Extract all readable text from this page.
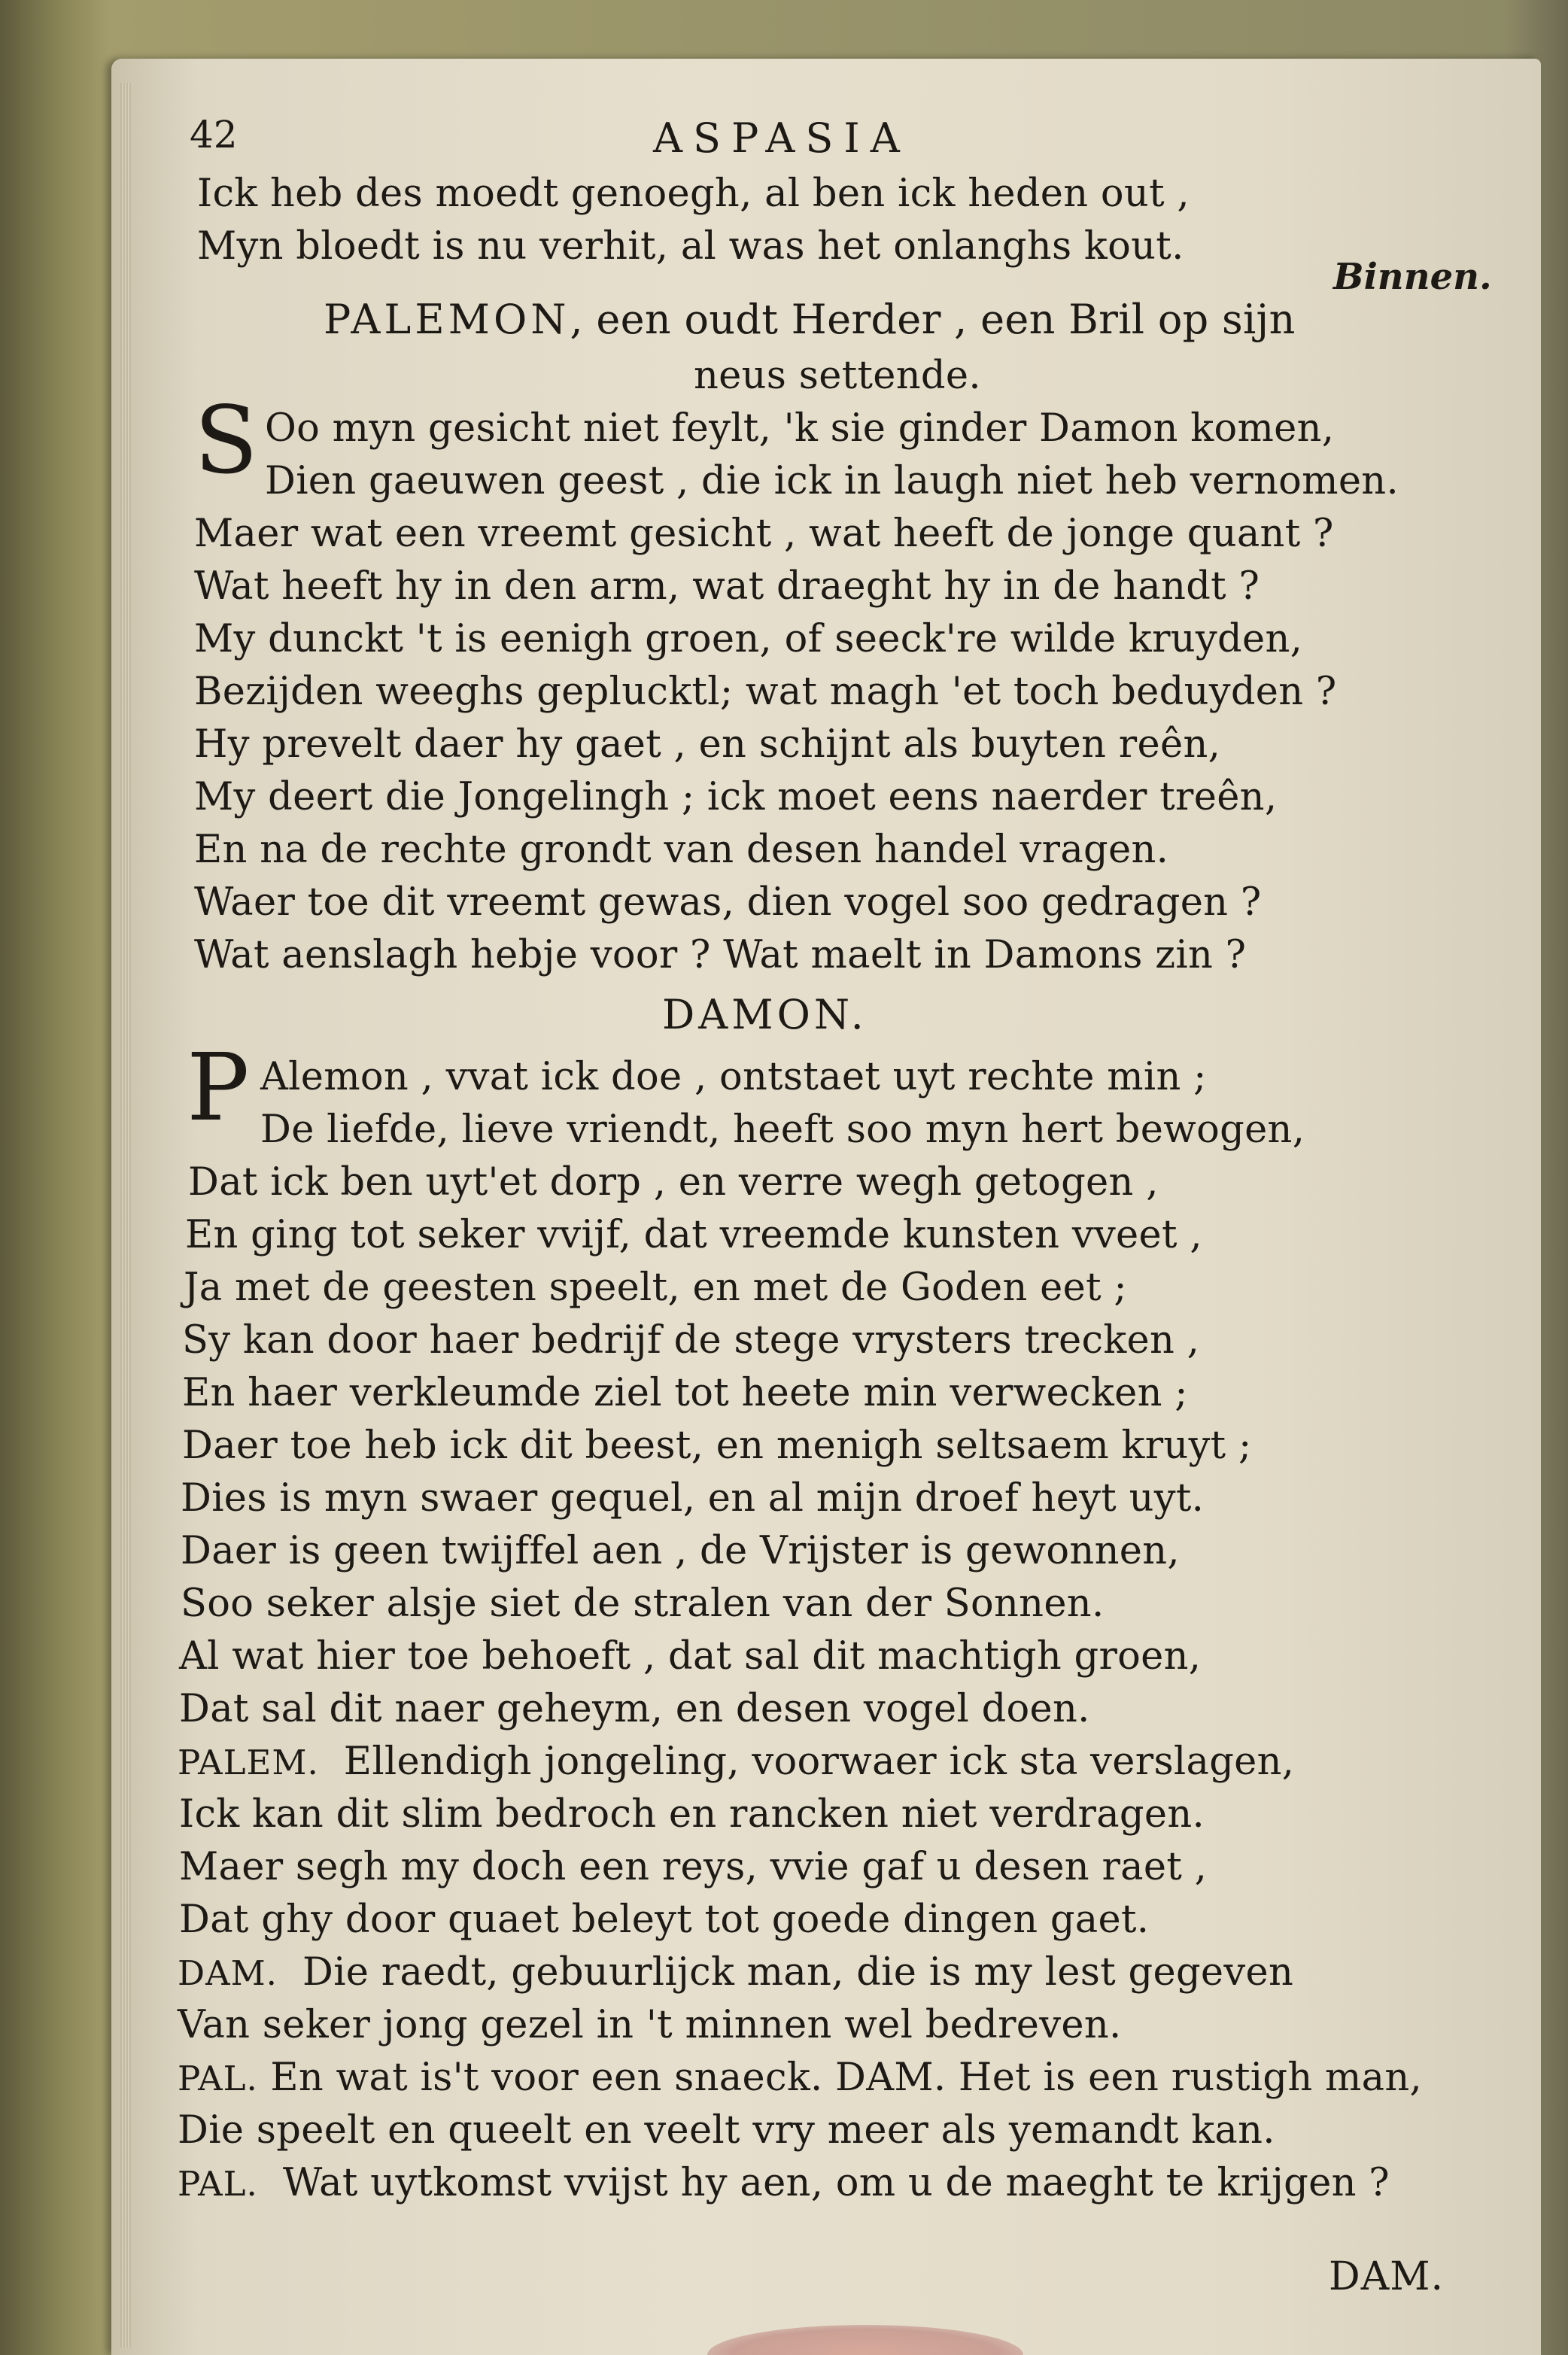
42	ASPASIA
Ick heb des moedt genoegh, al ben ick heden out ,
Myn bloedt is nu verhit, al was het onlanghs kout.
Binnen.
PALEMON, een oudt Herder , een Bril op sijn
neus settende.
S Oo myn gesicht niet feylt, 'k sie ginder Damon komen,
Dien gaeuwen geest , die ick in laugh niet heb vernomen.
Maer wat een vreemt gesicht , wat heeft de jonge quant ?
Wat heeft hy in den arm, wat draeght hy in de handt ?
My dunckt 't is eenigh groen, of seeck're wilde kruyden,
Bezijden weeghs geplucktl; wat magh 'et toch beduyden ?
Hy prevelt daer hy gaet , en schijnt als buyten reên,
My deert die Jongelingh ; ick moet eens naerder treên,
En na de rechte grondt van desen handel vragen.
Waer toe dit vreemt gewas, dien vogel soo gedragen ?
Wat aenslagh hebje voor ? Wat maelt in Damons zin ?
DAMON.
P Alemon , vvat ick doe , ontstaet uyt rechte min ;
De liefde, lieve vriendt, heeft soo myn hert bewogen,
Dat ick ben uyt'et dorp , en verre wegh getogen ,
En ging tot seker vvijf, dat vreemde kunsten vveet ,
Ja met de geesten speelt, en met de Goden eet ;
Sy kan door haer bedrijf de stege vrysters trecken ,
En haer verkleumde ziel tot heete min verwecken ;
Daer toe heb ick dit beest, en menigh seltsaem kruyt ;
Dies is myn swaer gequel, en al mijn droef heyt uyt.
Daer is geen twijffel aen , de Vrijster is gewonnen,
Soo seker alsje siet de stralen van der Sonnen.
Al wat hier toe behoeft , dat sal dit machtigh groen,
Dat sal dit naer geheym, en desen vogel doen.
PALEM. Ellendigh jongeling, voorwaer ick sta verslagen,
Ick kan dit slim bedroch en rancken niet verdragen.
Maer segh my doch een reys, vvie gaf u desen raet ,
Dat ghy door quaet beleyt tot goede dingen gaet.
DAM. Die raedt, gebuurlijck man, die is my lest gegeven
Van seker jong gezel in 't minnen wel bedreven.
PAL. En wat is't voor een snaeck. DAM. Het is een rustigh man,
Die speelt en queelt en veelt vry meer als yemandt kan.
PAL. Wat uytkomst vvijst hy aen, om u de maeght te krijgen ?
DAM.
